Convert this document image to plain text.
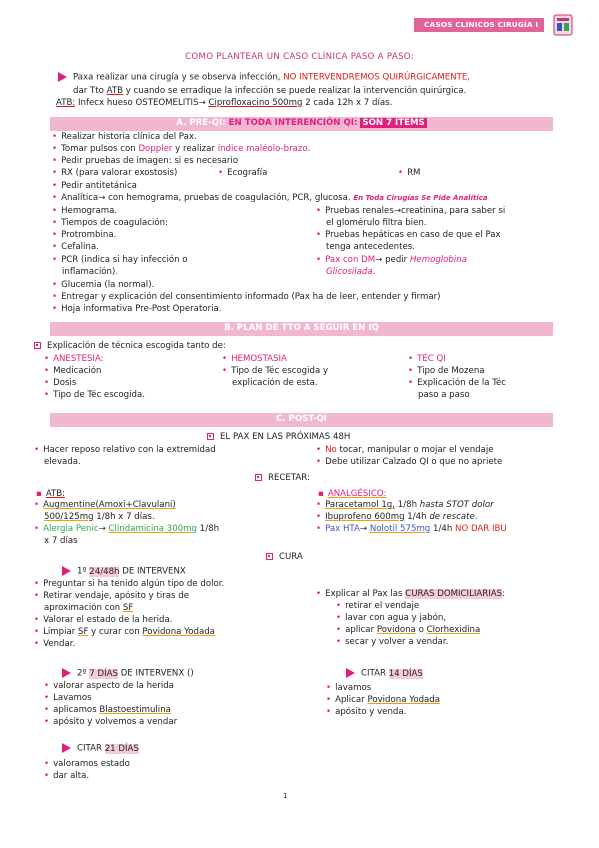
CASOS CLINICOS CIRUGÍA I
COMO PLANTEAR UN CASO CLÍNICA PASO A PASO:
Paxa realizar una cirugía y se observa infección, NO INTERVENDREMOS QUIRÚRGICAMENTE,
dar Tto ATB y cuando se erradique la infección se puede realizar la intervención quirúrgica.
ATB: Infecx hueso OSTEOMELITIS→ Ciprofloxacino 500mg 2 cada 12h x 7 días.
A. PRE-QI: EN TODA INTERENCIÓN QI: SON 7 ITEMS
• Realizar historia clínica del Pax.
• Tomar pulsos con Doppler y realizar índice maléolo-brazo.
• Pedir pruebas de imagen: si es necesario
• RX (para valorar exostosis)	• Ecografía	• RM
• Pedir antitetánica
• Analítica→ con hemograma, pruebas de coagulación, PCR, glucosa. En Toda Cirugías Se Pide Analítica
• Hemograma.
• Tiempos de coagulación:
• Protrombina.
• Cefalina.
• PCR (indica si hay infección o
inflamación).
• Glucemia (la normal).
• Pruebas renales→creatinina, para saber si
el glomérulo filtra bien.
• Pruebas hepáticas en caso de que el Pax
tenga antecedentes.
• Pax con DM→ pedir Hemoglobina
Glicosilada.
• Entregar y explicación del consentimiento informado (Pax ha de leer, entender y firmar)
• Hoja informativa Pre-Post Operatoria.
B. PLAN DE TTO A SEGUIR EN IQ
Explicación de técnica escogida tanto de:
• ANESTESIA:
• Medicación
• Dosis
• Tipo de Téc escogida.
• HEMOSTASIA
• Tipo de Téc escogida y
explicación de esta.
• TÉC QI
• Tipo de Mozena
• Explicación de la Téc
paso a paso
C. POST-QI
EL PAX EN LAS PRÓXIMAS 48H
• Hacer reposo relativo con la extremidad
elevada.
• No tocar, manipular o mojar el vendaje
• Debe utilizar Calzado QI o que no apriete
RECETAR:
▪ ATB:
• Augmentine(Amoxi+Clavulani)
500/125mg 1/8h x 7 días.
• Alergia Penic→ Clindamicina 300mg 1/8h
x 7 días
▪ ANALGÉSICO:
• Paracetamol 1g, 1/8h hasta STOT dolor
• Ibuprofeno 600mg 1/4h de rescate.
• Pax HTA→ Nolotil 575mg 1/4h NO DAR IBU
CURA
1º 24/48h DE INTERVENX
• Preguntar si ha tenido algún tipo de dolor.
• Retirar vendaje, apósito y tiras de
aproximación con SF
• Valorar el estado de la herida.
• Limpiar SF y curar con Povidona Yodada
• Vendar.
• Explicar al Pax las CURAS DOMICILIARIAS:
• retirar el vendaje
• lavar con agua y jabón,
• aplicar Povidona o Clorhexidina
• secar y volver a vendar.
2º 7 DÍAS DE INTERVENX ()
• valorar aspecto de la herida
• Lavamos
• aplicamos Blastoestimulina
• apósito y volvemos a vendar
CITAR 14 DÍAS
• lavamos
• Aplicar Povidona Yodada
• apósito y venda.
CITAR 21 DÍAS
• valoramos estado
• dar alta.
1
